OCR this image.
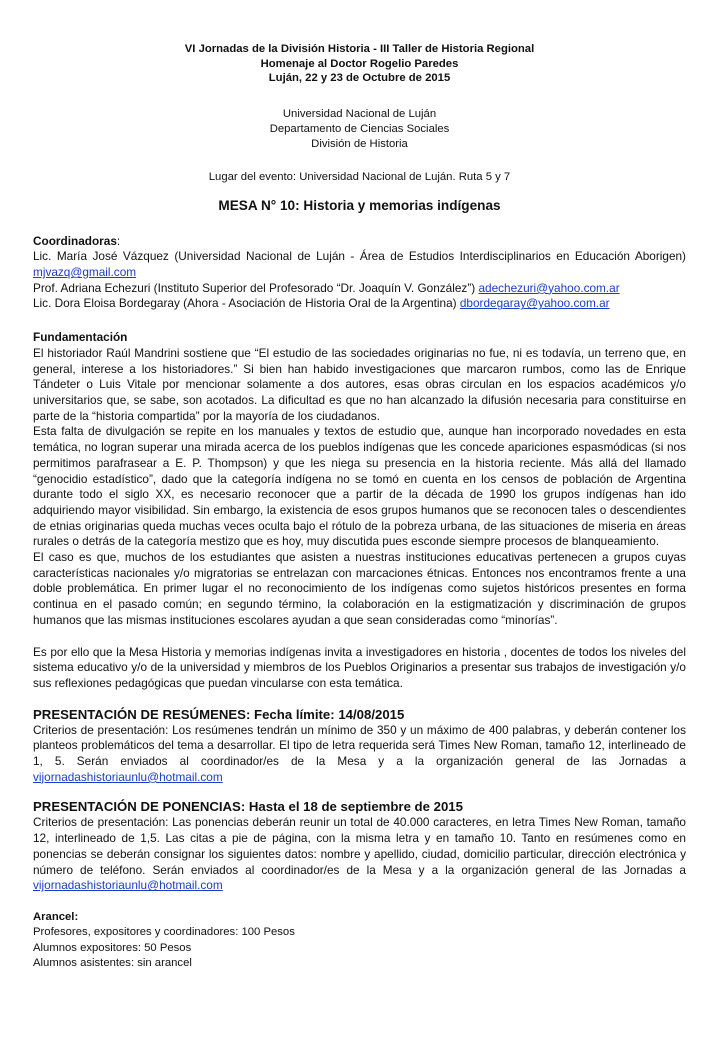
VI Jornadas de la División Historia - III Taller de Historia Regional
Homenaje al Doctor Rogelio Paredes
Luján, 22 y 23 de Octubre de 2015
Universidad Nacional de Luján
Departamento de Ciencias Sociales
División de Historia
Lugar del evento: Universidad Nacional de Luján. Ruta 5 y 7
MESA N° 10: Historia y memorias indígenas
Coordinadoras:
Lic. María José Vázquez (Universidad Nacional de Luján - Área de Estudios Interdisciplinarios en Educación Aborigen) mjvazq@gmail.com
Prof. Adriana Echezuri (Instituto Superior del Profesorado “Dr. Joaquín V. González”) adechezuri@yahoo.com.ar
Lic. Dora Eloisa Bordegaray (Ahora - Asociación de Historia Oral de la Argentina) dbordegaray@yahoo.com.ar
Fundamentación
El historiador Raúl Mandrini sostiene que “El estudio de las sociedades originarias no fue, ni es todavía, un terreno que, en general, interese a los historiadores.” Si bien han habido investigaciones que marcaron rumbos, como las de Enrique Tándeter o Luis Vitale por mencionar solamente a dos autores, esas obras circulan en los espacios académicos y/o universitarios que, se sabe, son acotados. La dificultad es que no han alcanzado la difusión necesaria para constituirse en parte de la “historia compartida” por la mayoría de los ciudadanos.
Esta falta de divulgación se repite en los manuales y textos de estudio que, aunque han incorporado novedades en esta temática, no logran superar una mirada acerca de los pueblos indígenas que les concede apariciones espasmódicas (si nos permitimos parafrasear a E. P. Thompson) y que les niega su presencia en la historia reciente. Más allá del llamado “genocidio estadístico”, dado que la categoría indígena no se tomó en cuenta en los censos de población de Argentina durante todo el siglo XX, es necesario reconocer que a partir de la década de 1990 los grupos indígenas han ido adquiriendo mayor visibilidad. Sin embargo, la existencia de esos grupos humanos que se reconocen tales o descendientes de etnias originarias queda muchas veces oculta bajo el rótulo de la pobreza urbana, de las situaciones de miseria en áreas rurales o detrás de la categoría mestizo que es hoy, muy discutida pues esconde siempre procesos de blanqueamiento.
El caso es que, muchos de los estudiantes que asisten a nuestras instituciones educativas pertenecen a grupos cuyas características nacionales y/o migratorias se entrelazan con marcaciones étnicas. Entonces nos encontramos frente a una doble problemática. En primer lugar el no reconocimiento de los indígenas como sujetos históricos presentes en forma continua en el pasado común; en segundo término, la colaboración en la estigmatización y discriminación de grupos humanos que las mismas instituciones escolares ayudan a que sean consideradas como “minorías”.
Es por ello que la Mesa Historia y memorias indígenas invita a investigadores en historia , docentes de todos los niveles del sistema educativo y/o de la universidad y miembros de los Pueblos Originarios a presentar sus trabajos de investigación y/o sus reflexiones pedagógicas que puedan vincularse con esta temática.
PRESENTACIÓN DE RESÚMENES: Fecha límite: 14/08/2015
Criterios de presentación: Los resúmenes tendrán un mínimo de 350 y un máximo de 400 palabras, y deberán contener los planteos problemáticos del tema a desarrollar. El tipo de letra requerida será Times New Roman, tamaño 12, interlineado de 1, 5. Serán enviados al coordinador/es de la Mesa y a la organización general de las Jornadas a vijornadashistoriaunlu@hotmail.com
PRESENTACIÓN DE PONENCIAS: Hasta el 18 de septiembre de 2015
Criterios de presentación: Las ponencias deberán reunir un total de 40.000 caracteres, en letra Times New Roman, tamaño 12, interlineado de 1,5. Las citas a pie de página, con la misma letra y en tamaño 10. Tanto en resúmenes como en ponencias se deberán consignar los siguientes datos: nombre y apellido, ciudad, domicilio particular, dirección electrónica y número de teléfono. Serán enviados al coordinador/es de la Mesa y a la organización general de las Jornadas a vijornadashistoriaunlu@hotmail.com
Arancel:
Profesores, expositores y coordinadores: 100 Pesos
Alumnos expositores: 50 Pesos
Alumnos asistentes: sin arancel
